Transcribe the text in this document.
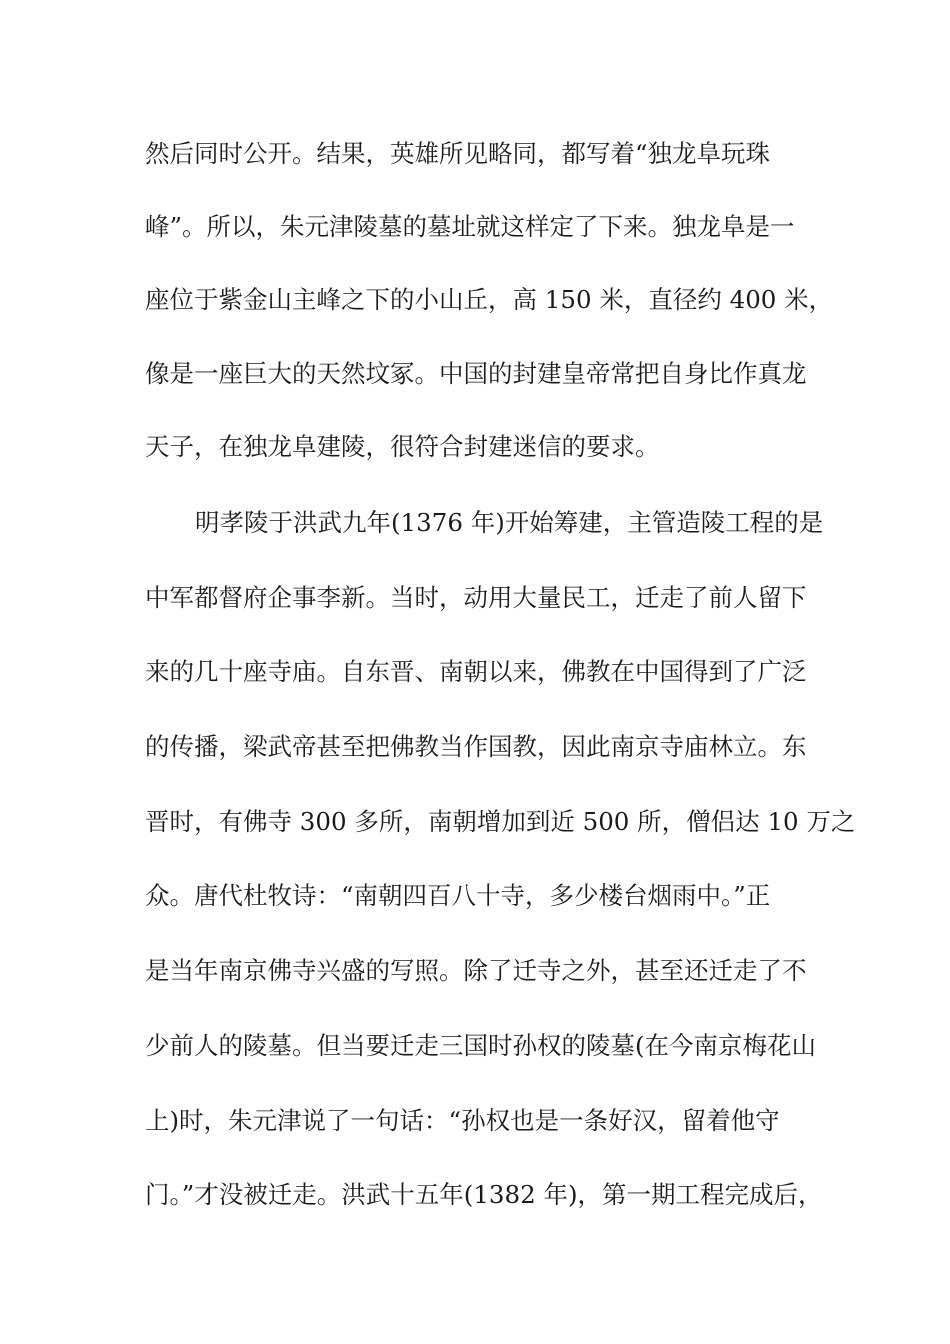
然后同时公开。结果，英雄所见略同，都写着“独龙阜玩珠
峰”。所以，朱元津陵墓的墓址就这样定了下来。独龙阜是一
座位于紫金山主峰之下的小山丘，高 150 米，直径约 400 米，
像是一座巨大的天然坟冢。中国的封建皇帝常把自身比作真龙
天子，在独龙阜建陵，很符合封建迷信的要求。
明孝陵于洪武九年(1376 年)开始筹建，主管造陵工程的是
中军都督府企事李新。当时，动用大量民工，迁走了前人留下
来的几十座寺庙。自东晋、南朝以来，佛教在中国得到了广泛
的传播，梁武帝甚至把佛教当作国教，因此南京寺庙林立。东
晋时，有佛寺 300 多所，南朝增加到近 500 所，僧侣达 10 万之
众。唐代杜牧诗：“南朝四百八十寺，多少楼台烟雨中。”正
是当年南京佛寺兴盛的写照。除了迁寺之外，甚至还迁走了不
少前人的陵墓。但当要迁走三国时孙权的陵墓(在今南京梅花山
上)时，朱元津说了一句话：“孙权也是一条好汉，留着他守
门。”才没被迁走。洪武十五年(1382 年)，第一期工程完成后，
